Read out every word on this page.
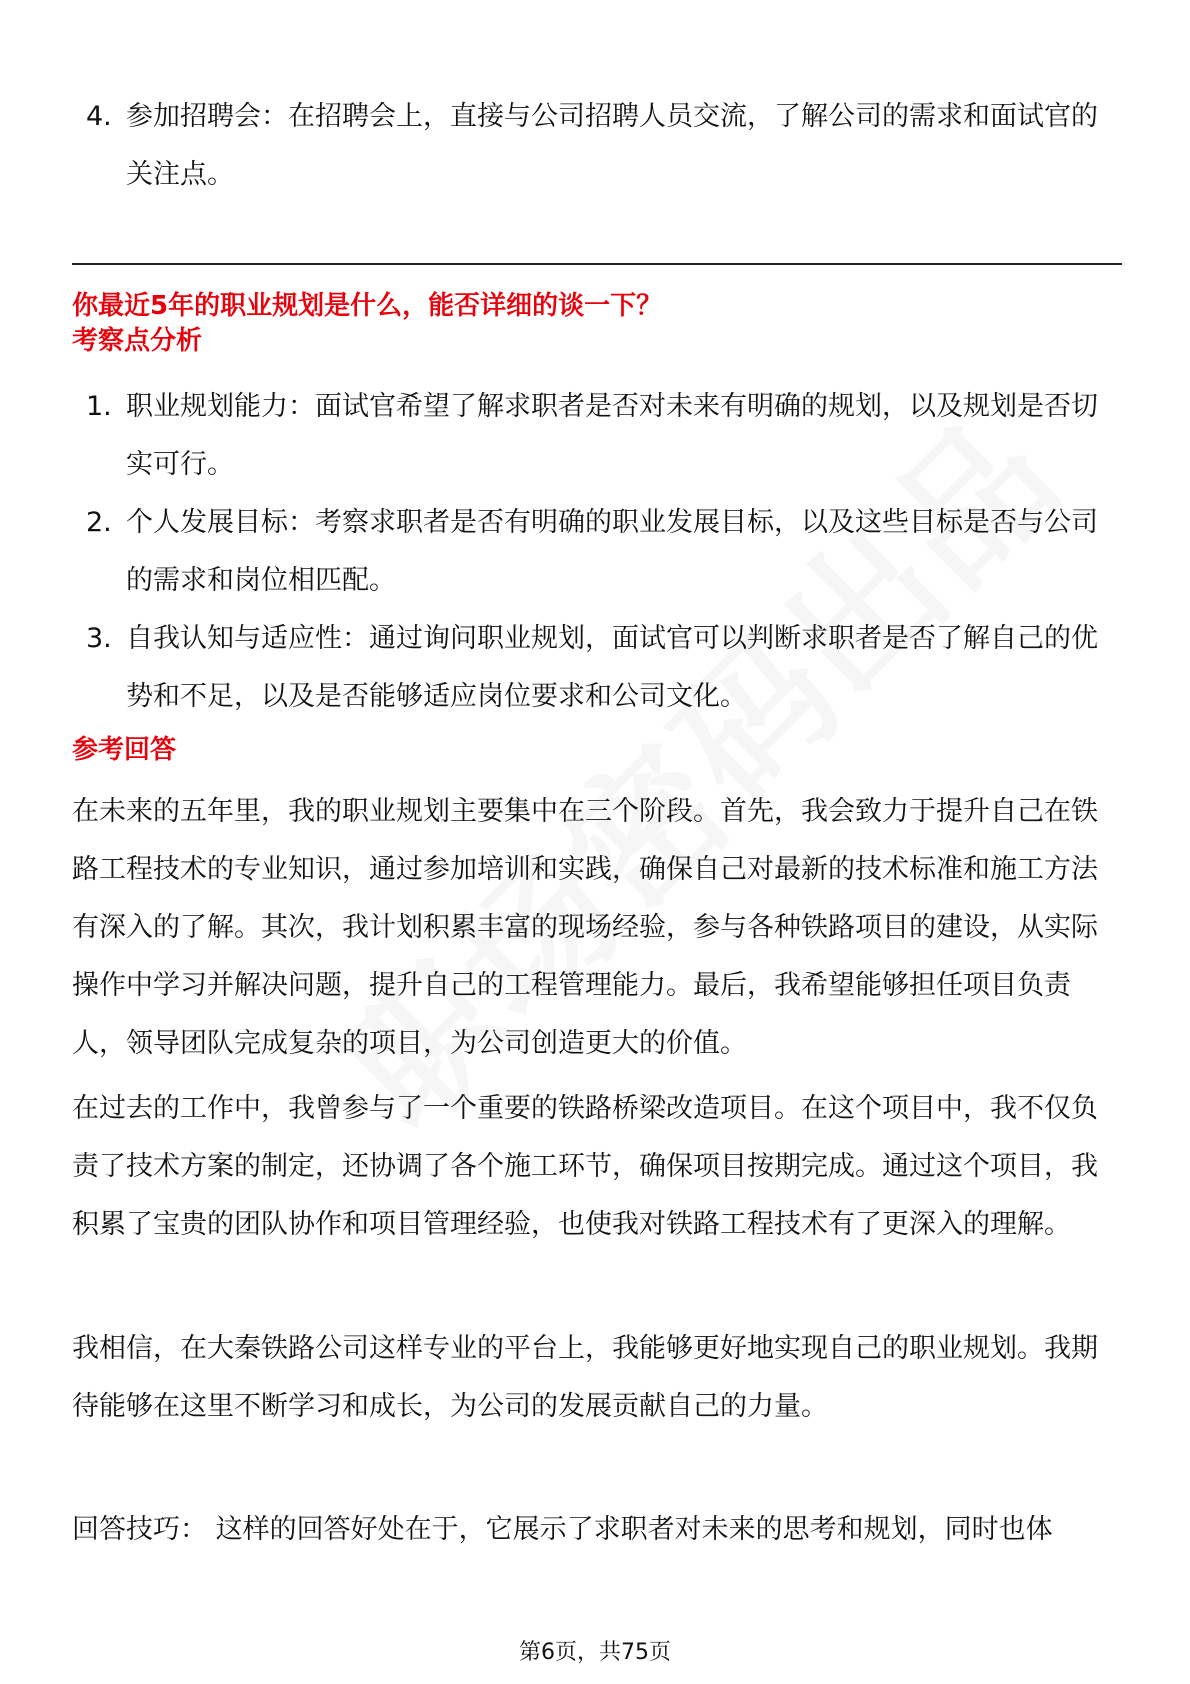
4. 参加招聘会：在招聘会上，直接与公司招聘人员交流，了解公司的需求和面试官的关注点。
你最近5年的职业规划是什么，能否详细的谈一下？
考察点分析
1. 职业规划能力：面试官希望了解求职者是否对未来有明确的规划，以及规划是否切实可行。
2. 个人发展目标：考察求职者是否有明确的职业发展目标，以及这些目标是否与公司的需求和岗位相匹配。
3. 自我认知与适应性：通过询问职业规划，面试官可以判断求职者是否了解自己的优势和不足，以及是否能够适应岗位要求和公司文化。
参考回答
在未来的五年里，我的职业规划主要集中在三个阶段。首先，我会致力于提升自己在铁路工程技术的专业知识，通过参加培训和实践，确保自己对最新的技术标准和施工方法有深入的了解。其次，我计划积累丰富的现场经验，参与各种铁路项目的建设，从实际操作中学习并解决问题，提升自己的工程管理能力。最后，我希望能够担任项目负责人，领导团队完成复杂的项目，为公司创造更大的价值。
在过去的工作中，我曾参与了一个重要的铁路桥梁改造项目。在这个项目中，我不仅负责了技术方案的制定，还协调了各个施工环节，确保项目按期完成。通过这个项目，我积累了宝贵的团队协作和项目管理经验，也使我对铁路工程技术有了更深入的理解。
我相信，在大秦铁路公司这样专业的平台上，我能够更好地实现自己的职业规划。我期待能够在这里不断学习和成长，为公司的发展贡献自己的力量。
回答技巧： 这样的回答好处在于，它展示了求职者对未来的思考和规划，同时也体
第6页，共75页
